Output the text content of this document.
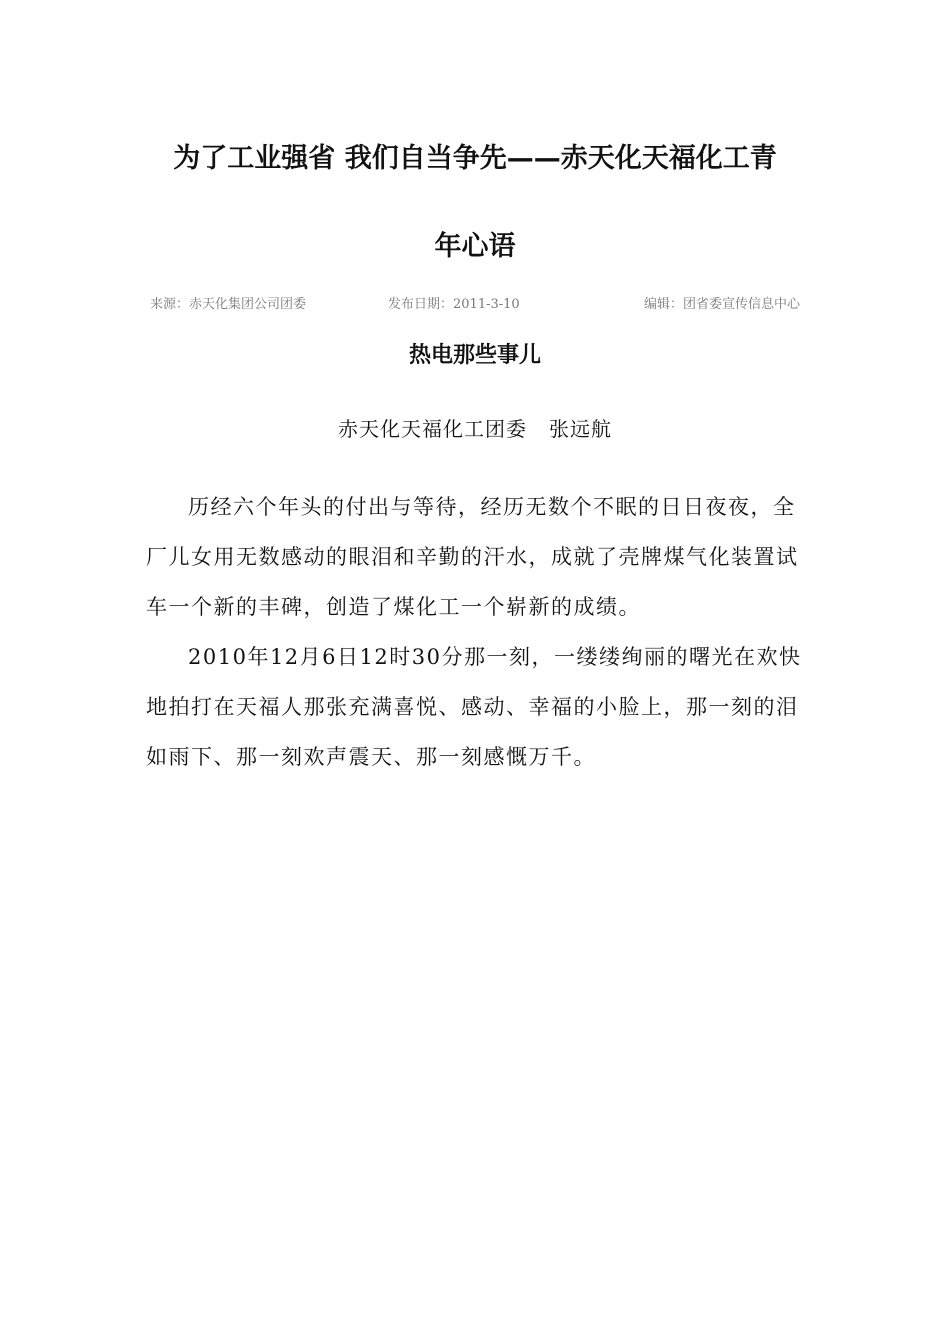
为了工业强省 我们自当争先——赤天化天福化工青
年心语
来源：赤天化集团公司团委	发布日期：2011-3-10	编辑：团省委宣传信息中心
热电那些事儿
赤天化天福化工团委   张远航

历经六个年头的付出与等待，经历无数个不眠的日日夜夜，全厂儿女用无数感动的眼泪和辛勤的汗水，成就了壳牌煤气化装置试车一个新的丰碑，创造了煤化工一个崭新的成绩。

2010年12月6日12时30分那一刻，一缕缕绚丽的曙光在欢快地拍打在天福人那张充满喜悦、感动、幸福的小脸上，那一刻的泪如雨下、那一刻欢声震天、那一刻感慨万千。
